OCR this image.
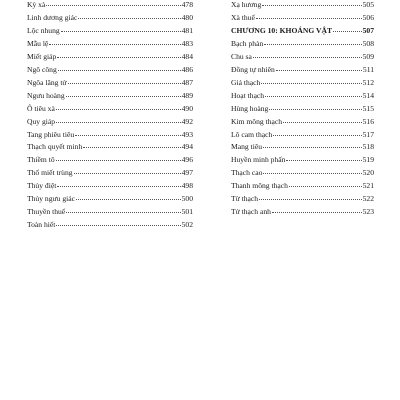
Kỳ xà	478
Linh dương giác	480
Lộc nhung	481
Mẫu lệ	483
Miết giáp	484
Ngô công	486
Ngõa lăng tử	487
Ngưu hoàng	489
Ô tiêu xà	490
Quy giáp	492
Tang phiêu tiêu	493
Thạch quyết minh	494
Thiềm tô	496
Thổ miết trùng	497
Thủy điệt	498
Thủy ngưu giác	500
Thuyền thuế	501
Toàn hiết	502
Xạ hương	505
Xà thuế	506
CHƯƠNG 10: KHOÁNG VẬT	507
Bạch phàn	508
Chu sa	509
Đồng tự nhiên	511
Giả thạch	512
Hoạt thạch	514
Hùng hoàng	515
Kim mông thạch	516
Lô cam thạch	517
Mang tiêu	518
Huyền minh phấn	519
Thạch cao	520
Thanh mông thạch	521
Từ thạch	522
Tử thạch anh	523
